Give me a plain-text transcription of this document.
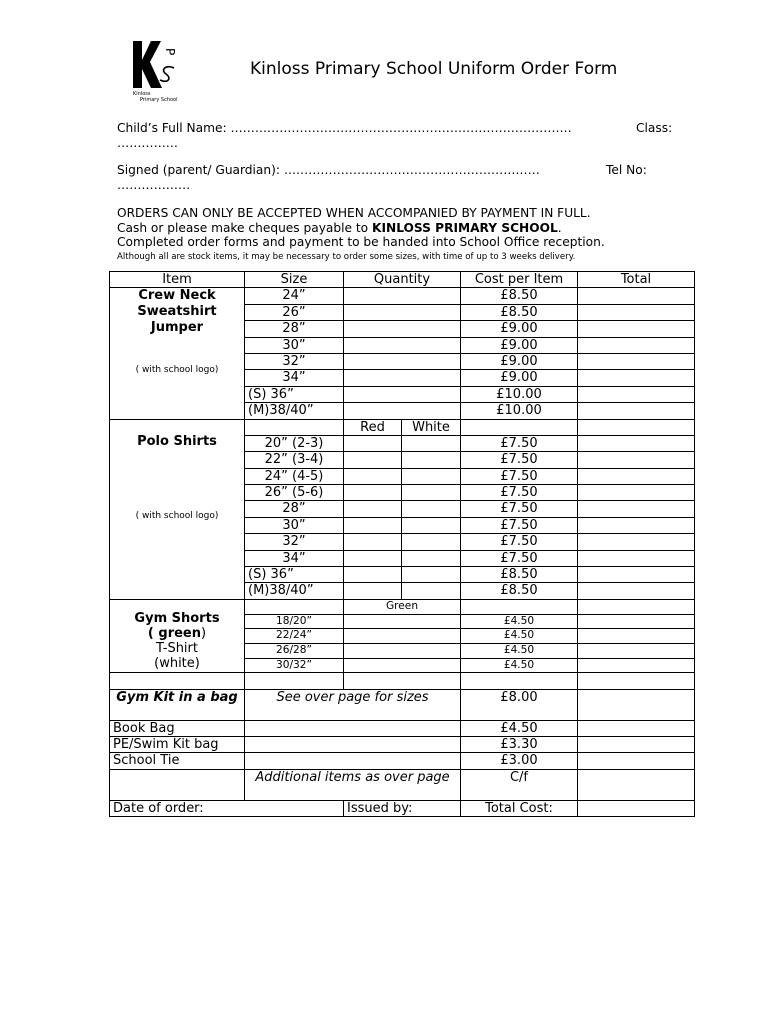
P
Kinloss
Primary School
Kinloss Primary School Uniform Order Form
Child’s Full Name: …………………………………………………………………………	Class:
……………
Signed (parent/ Guardian): ………………………………………………………	Tel No:
………………
ORDERS CAN ONLY BE ACCEPTED WHEN ACCOMPANIED BY PAYMENT IN FULL.
Cash or please make cheques payable to KINLOSS PRIMARY SCHOOL.
Completed order forms and payment to be handed into School Office reception.
Although all are stock items, it may be necessary to order some sizes, with time of up to 3 weeks delivery.
Item	Size	Quantity		Cost per Item	Total

Crew Neck
Sweatshirt
Jumper
( with school logo)	24”			£8.50	
	26”			£8.50	
	28”			£9.00	
	30”			£9.00	
	32”			£9.00	
	34”			£9.00	
	(S) 36”			£10.00	
	(M)38/40”			£10.00	

Polo Shirts
( with school logo)		Red	White		
	20” (2-3)			£7.50	
	22” (3-4)			£7.50	
	24” (4-5)			£7.50	
	26” (5-6)			£7.50	
	28”			£7.50	
	30”			£7.50	
	32”			£7.50	
	34”			£7.50	
	(S) 36”			£8.50	
	(M)38/40”			£8.50	

Gym Shorts
( green)
T-Shirt
(white)		Green			
	18/20”			£4.50	
	22/24”			£4.50	
	26/28”			£4.50	
	30/32”			£4.50	

Gym Kit in a bag	See over page for sizes			£8.00	
Book Bag				£4.50	
PE/Swim Kit bag				£3.30	
School Tie				£3.00	
	Additional items as over page			C/f	
Date of order:		Issued by:		Total Cost:	
